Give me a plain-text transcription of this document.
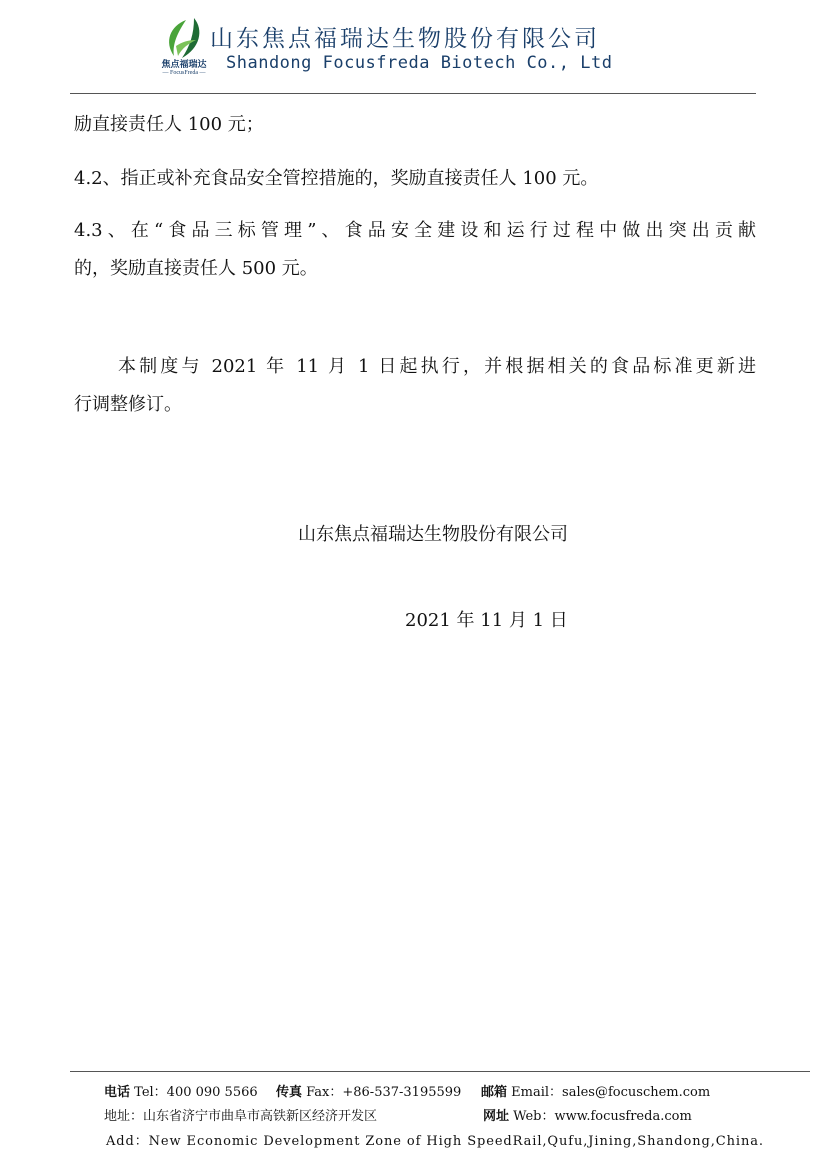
焦点福瑞达
— FocusFreda —
山东焦点福瑞达生物股份有限公司
Shandong Focusfreda Biotech Co., Ltd

励直接责任人 100 元；

4.2、指正或补充食品安全管控措施的，奖励直接责任人 100 元。

4.3、在“食品三标管理”、食品安全建设和运行过程中做出突出贡献
的，奖励直接责任人 500 元。

本制度与 2021 年 11 月 1 日起执行，并根据相关的食品标准更新进
行调整修订。

山东焦点福瑞达生物股份有限公司
2021 年 11 月 1 日
电话 Tel：400 090 5566 传真 Fax：+86-537-3195599 邮箱 Email：sales@focuschem.com
地址：山东省济宁市曲阜市高铁新区经济开发区	网址 Web：www.focusfreda.com
Add：New Economic Development Zone of High SpeedRail,Qufu,Jining,Shandong,China.
